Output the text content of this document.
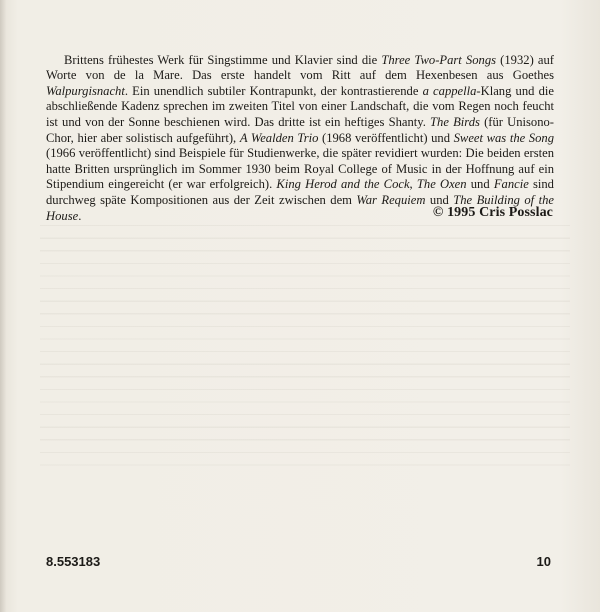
Brittens frühestes Werk für Singstimme und Klavier sind die Three Two-Part Songs (1932) auf Worte von de la Mare. Das erste handelt vom Ritt auf dem Hexenbesen aus Goethes Walpurgisnacht. Ein unendlich subtiler Kontrapunkt, der kontrastierende a cappella-Klang und die abschließende Kadenz sprechen im zweiten Titel von einer Landschaft, die vom Regen noch feucht ist und von der Sonne beschienen wird. Das dritte ist ein heftiges Shanty. The Birds (für Unisono-Chor, hier aber solistisch aufgeführt), A Wealden Trio (1968 veröffentlicht) und Sweet was the Song (1966 veröffentlicht) sind Beispiele für Studienwerke, die später revidiert wurden: Die beiden ersten hatte Britten ursprünglich im Sommer 1930 beim Royal College of Music in der Hoffnung auf ein Stipendium eingereicht (er war erfolgreich). King Herod and the Cock, The Oxen und Fancie sind durchweg späte Kompositionen aus der Zeit zwischen dem War Requiem und The Building of the House.	© 1995 Cris Posslac
8.553183	10
